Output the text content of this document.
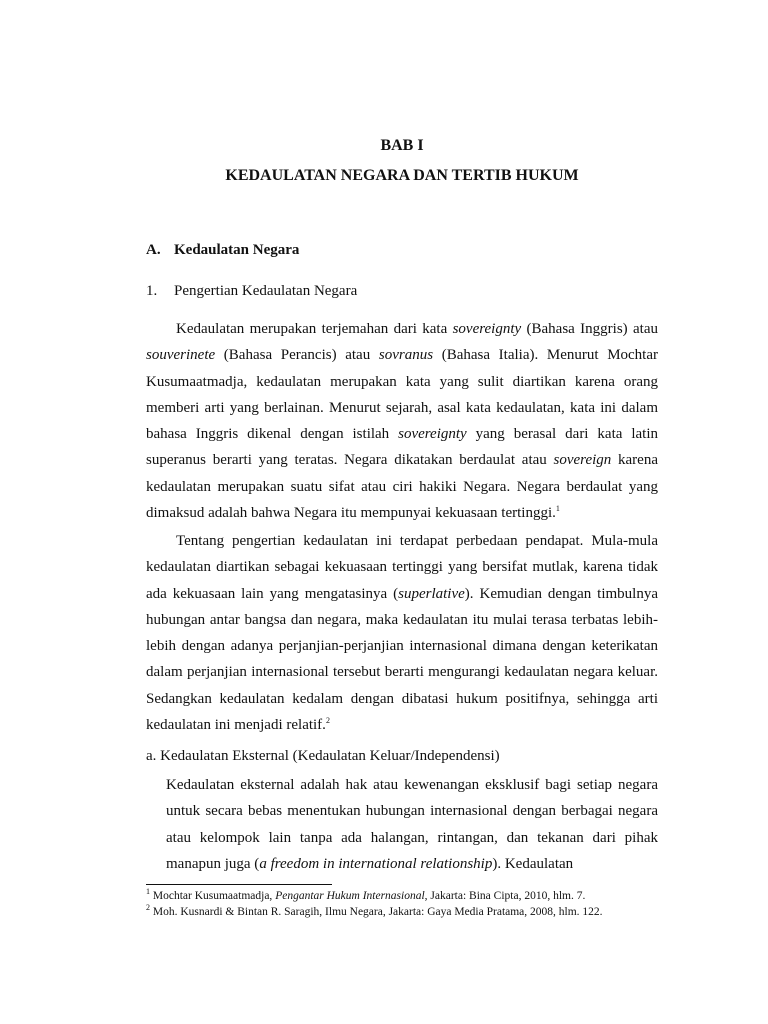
BAB I
KEDAULATAN NEGARA DAN TERTIB HUKUM
A. Kedaulatan Negara
1. Pengertian Kedaulatan Negara

Kedaulatan merupakan terjemahan dari kata sovereignty (Bahasa Inggris) atau souverinete (Bahasa Perancis) atau sovranus (Bahasa Italia). Menurut Mochtar Kusumaatmadja, kedaulatan merupakan kata yang sulit diartikan karena orang memberi arti yang berlainan. Menurut sejarah, asal kata kedaulatan, kata ini dalam bahasa Inggris dikenal dengan istilah sovereignty yang berasal dari kata latin superanus berarti yang teratas. Negara dikatakan berdaulat atau sovereign karena kedaulatan merupakan suatu sifat atau ciri hakiki Negara. Negara berdaulat yang dimaksud adalah bahwa Negara itu mempunyai kekuasaan tertinggi.$^1$

Tentang pengertian kedaulatan ini terdapat perbedaan pendapat. Mula-mula kedaulatan diartikan sebagai kekuasaan tertinggi yang bersifat mutlak, karena tidak ada kekuasaan lain yang mengatasinya (superlative). Kemudian dengan timbulnya hubungan antar bangsa dan negara, maka kedaulatan itu mulai terasa terbatas lebih-lebih dengan adanya perjanjian-perjanjian internasional dimana dengan keterikatan dalam perjanjian internasional tersebut berarti mengurangi kedaulatan negara keluar. Sedangkan kedaulatan kedalam dengan dibatasi hukum positifnya, sehingga arti kedaulatan ini menjadi relatif.$^2$

a. Kedaulatan Eksternal (Kedaulatan Keluar/Independensi)

Kedaulatan eksternal adalah hak atau kewenangan eksklusif bagi setiap negara untuk secara bebas menentukan hubungan internasional dengan berbagai negara atau kelompok lain tanpa ada halangan, rintangan, dan tekanan dari pihak manapun juga (a freedom in international relationship). Kedaulatan

$^1$ Mochtar Kusumaatmadja, Pengantar Hukum Internasional, Jakarta: Bina Cipta, 2010, hlm. 7.
$^2$ Moh. Kusnardi & Bintan R. Saragih, Ilmu Negara, Jakarta: Gaya Media Pratama, 2008, hlm. 122.
